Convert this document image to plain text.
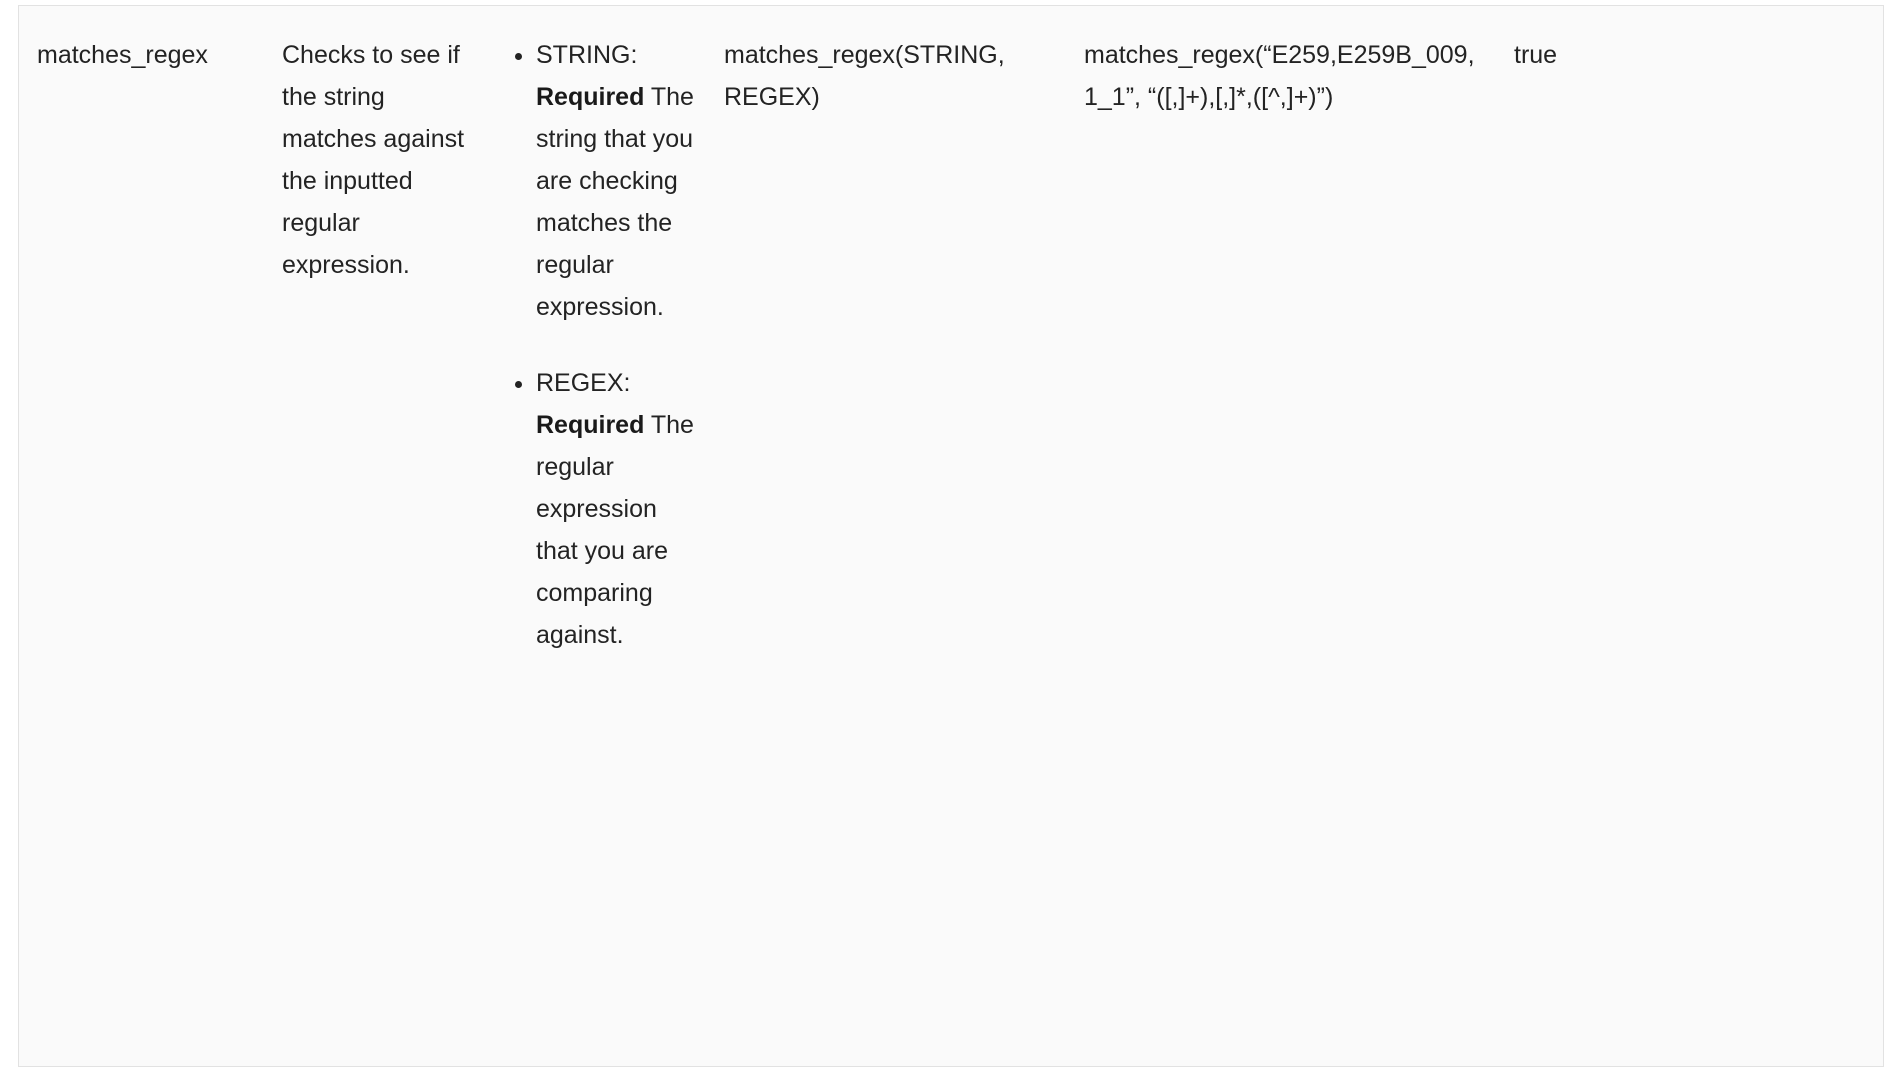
matches_regex	Checks to see if the string matches against the inputted regular expression.
• STRING: Required The string that you are checking matches the regular expression.
• REGEX: Required The regular expression that you are comparing against.
matches_regex(STRING, REGEX)
matches_regex(“E259,E259B_009,1_1”, “([,]+),[,]*,([^,]+)”)
true
